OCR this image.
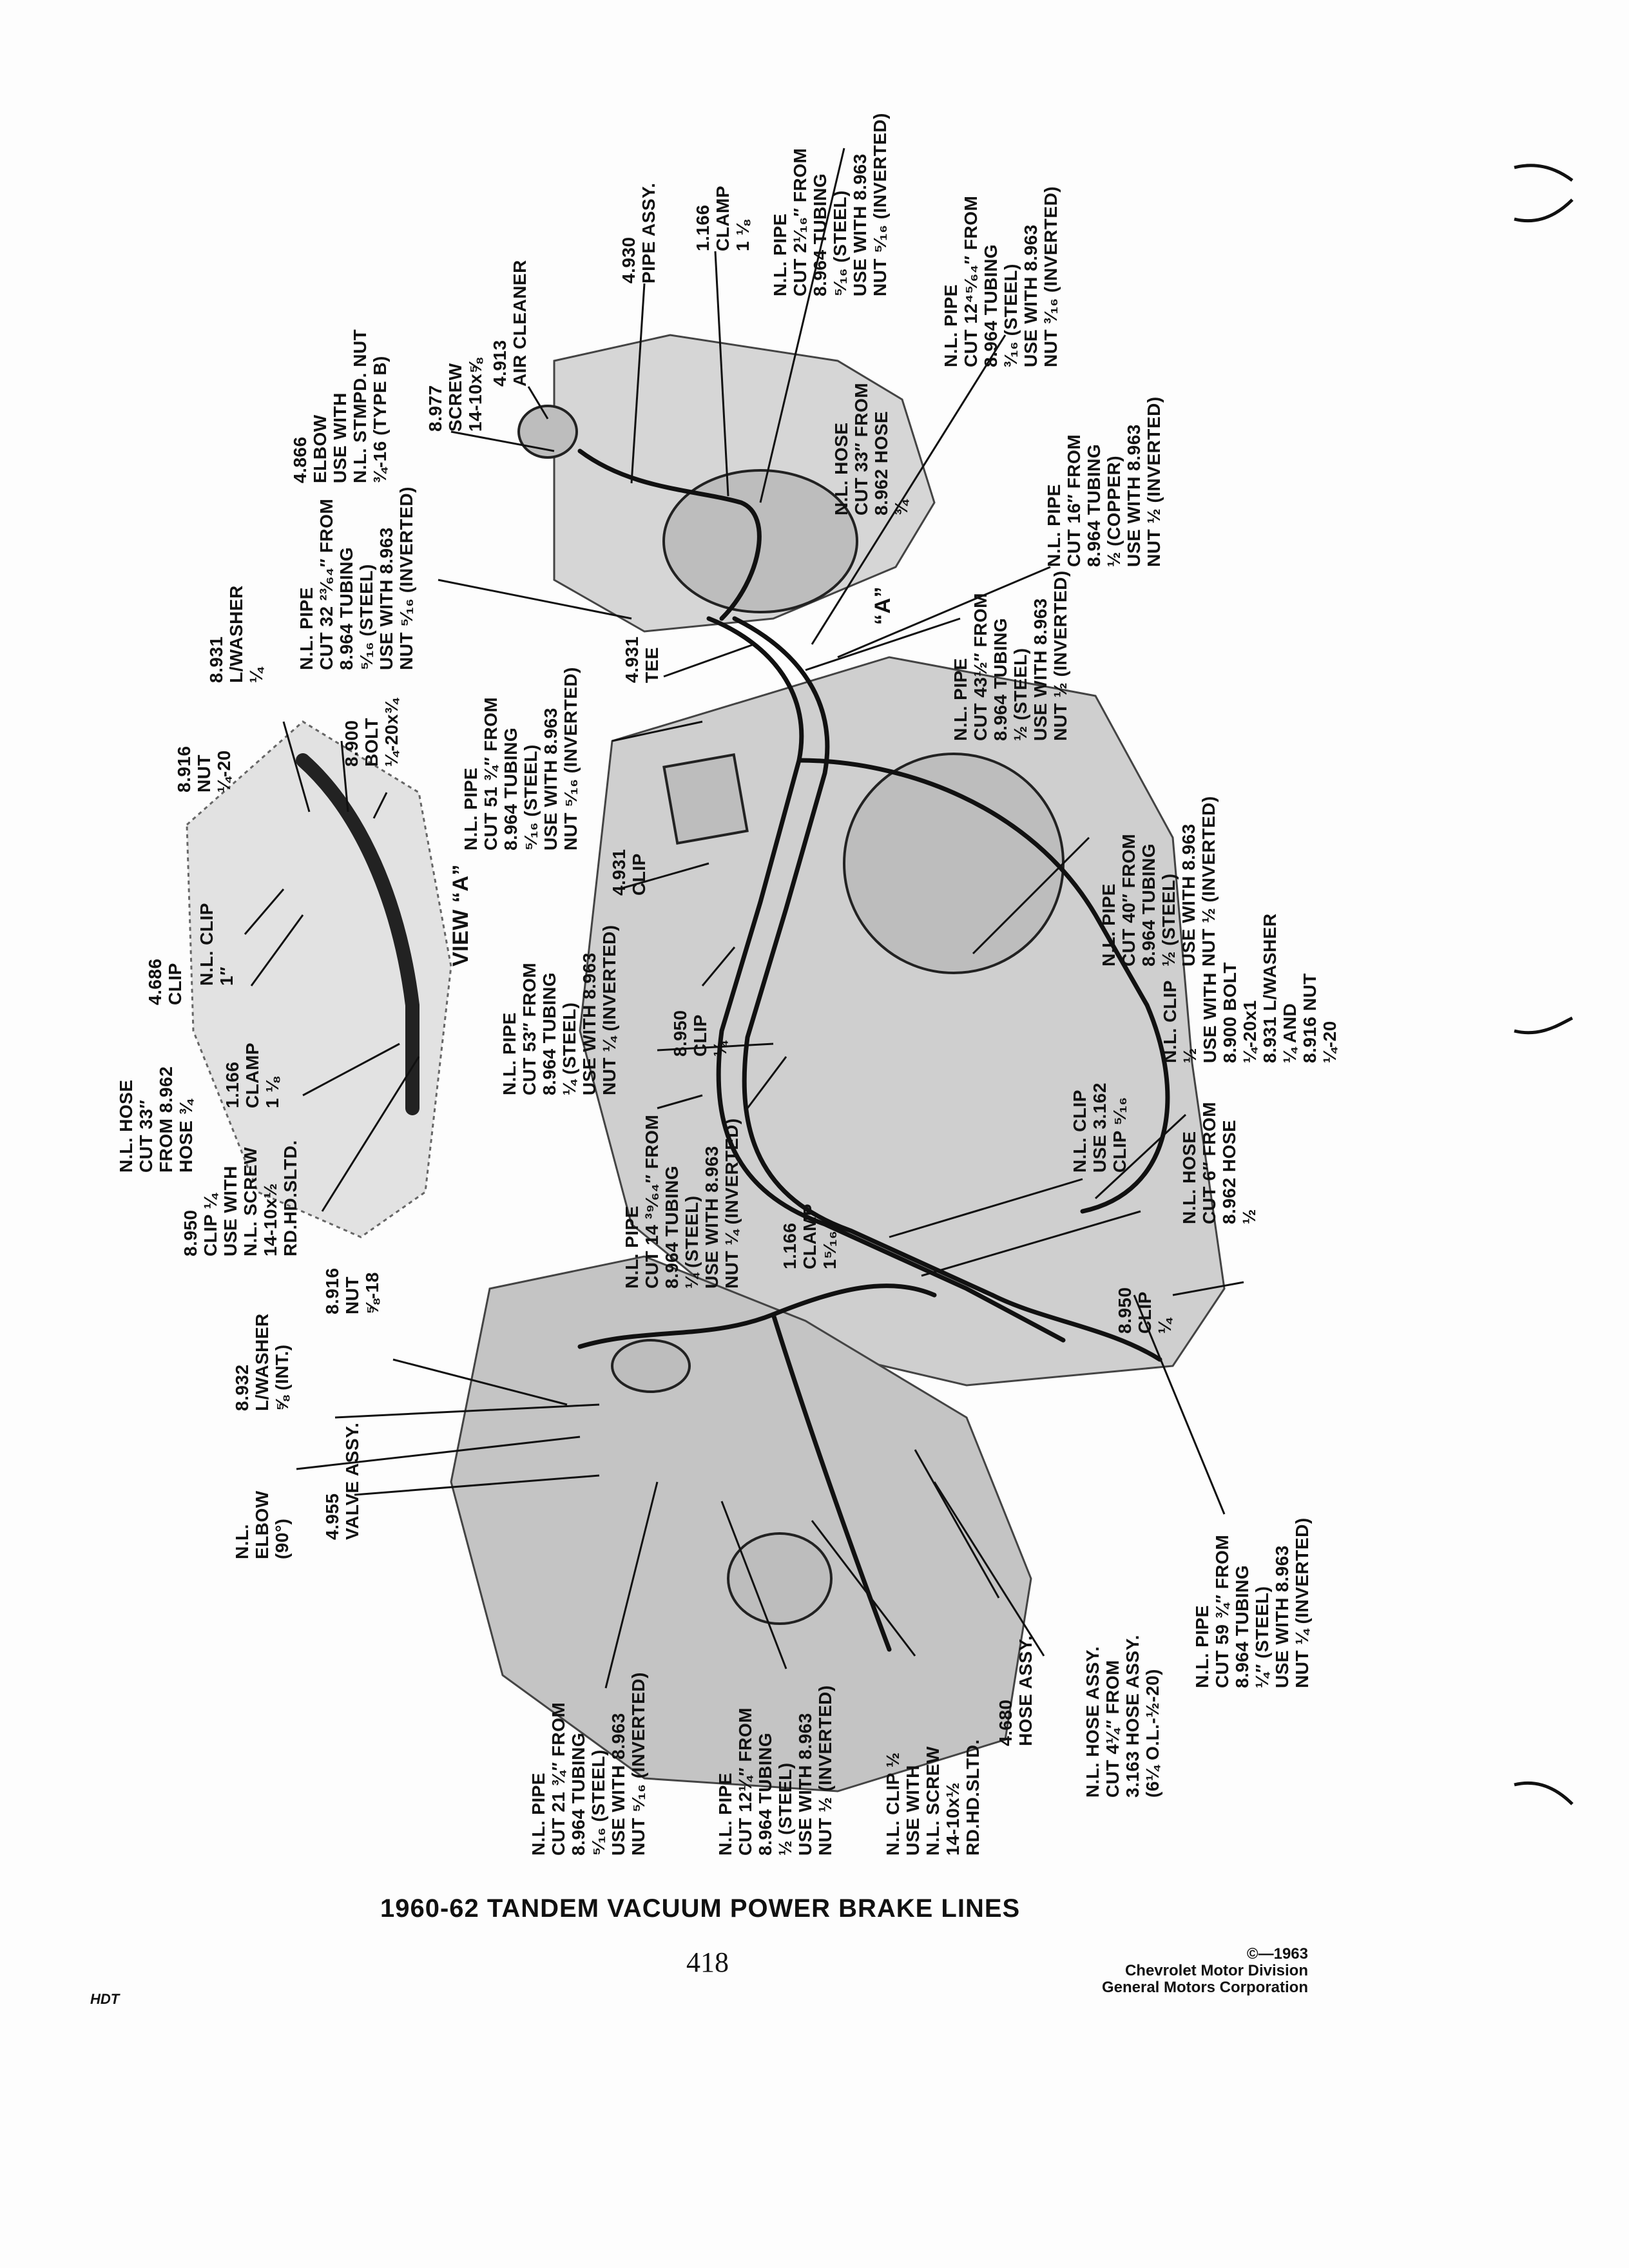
8.977
SCREW
14-10x⅝ 4.913
AIR CLEANER	4.930
PIPE ASSY. 1.166
CLAMP
1 ⅛
N.L. PIPE
CUT 2¹⁄₁₆″ FROM
8.964 TUBING
⁵⁄₁₆ (STEEL)
USE WITH 8.963
NUT ⁵⁄₁₆ (INVERTED)
N.L. PIPE
CUT 12⁴⁵⁄₆₄″ FROM
8.964 TUBING
³⁄₁₆ (STEEL)
USE WITH 8.963
NUT ³⁄₁₆ (INVERTED)
4.866
ELBOW
USE WITH
N.L. STMPD. NUT
¾-16 (TYPE B)
N.L. HOSE
CUT 33″ FROM
8.962 HOSE
¾
N.L. PIPE
CUT 16″ FROM
8.964 TUBING
½ (COPPER)
USE WITH 8.963
NUT ½ (INVERTED)
N.L. PIPE
CUT 32 ²³⁄₆₄″ FROM
8.964 TUBING
⁵⁄₁₆ (STEEL)
USE WITH 8.963
NUT ⁵⁄₁₆ (INVERTED)
8.931
L/WASHER
¼	4.931
TEE
N.L. PIPE
CUT 43½″ FROM
8.964 TUBING
½ (STEEL)
USE WITH 8.963
NUT ½ (INVERTED)
8.916
NUT
¼-20
8.900
BOLT
¼-20x¾
N.L. PIPE
CUT 51 ¾″ FROM
8.964 TUBING
⁵⁄₁₆ (STEEL)
USE WITH 8.963
NUT ⁵⁄₁₆ (INVERTED)
N.L. PIPE
CUT 40″ FROM
8.964 TUBING
½ (STEEL)
USE WITH 8.963
NUT ½ (INVERTED)
4.931
CLIP
4.686
CLIP N.L. CLIP
1″
VIEW “A”
N.L. PIPE
CUT 53″ FROM
8.964 TUBING
¼ (STEEL)
USE WITH 8.963
NUT ¼ (INVERTED)
8.950
CLIP
¼	N.L. CLIP
½
USE WITH
8.900 BOLT
¼-20x1
8.931 L/WASHER
¼ AND
8.916 NUT
¼-20
N.L. HOSE
CUT 33″
FROM 8.962
HOSE ¾ 1.166
CLAMP
1 ⅛
8.950
CLIP ¼
USE WITH
N.L. SCREW
14-10x½
RD.HD.SLTD.
N.L. PIPE
CUT 14 ³⁹⁄₆₄″ FROM
8.964 TUBING
¼ (STEEL)
USE WITH 8.963
NUT ¼ (INVERTED)
1.166
CLAMP
1⁵⁄₁₆
N.L. CLIP
USE 3.162
CLIP ⁵⁄₁₆
N.L. HOSE
CUT 6″ FROM
8.962 HOSE
½
8.916
NUT
⅝-18
8.932
L/WASHER
⅝ (INT.)
N.L.
ELBOW
(90°) 4.955
VALVE ASSY.
8.950
CLIP
¼
N.L. PIPE
CUT 59 ¾″ FROM
8.964 TUBING
¼″ (STEEL)
USE WITH 8.963
NUT ¼ (INVERTED)
4.680
HOSE ASSY.
N.L. HOSE ASSY.
CUT 4¼″ FROM
3.163 HOSE ASSY.
(6¼ O.L.-½-20)
N.L. CLIP ½
USE WITH
N.L. SCREW
14-10x½
RD.HD.SLTD.
N.L. PIPE
CUT 12¼″ FROM
8.964 TUBING
½ (STEEL)
USE WITH 8.963
NUT ½ (INVERTED)
N.L. PIPE
CUT 21 ¾″ FROM
8.964 TUBING
⁵⁄₁₆ (STEEL)
USE WITH 8.963
NUT ⁵⁄₁₆ (INVERTED)
“A”
1960-62 TANDEM VACUUM POWER BRAKE LINES
418
HDT
©—1963
Chevrolet Motor Division
General Motors Corporation
